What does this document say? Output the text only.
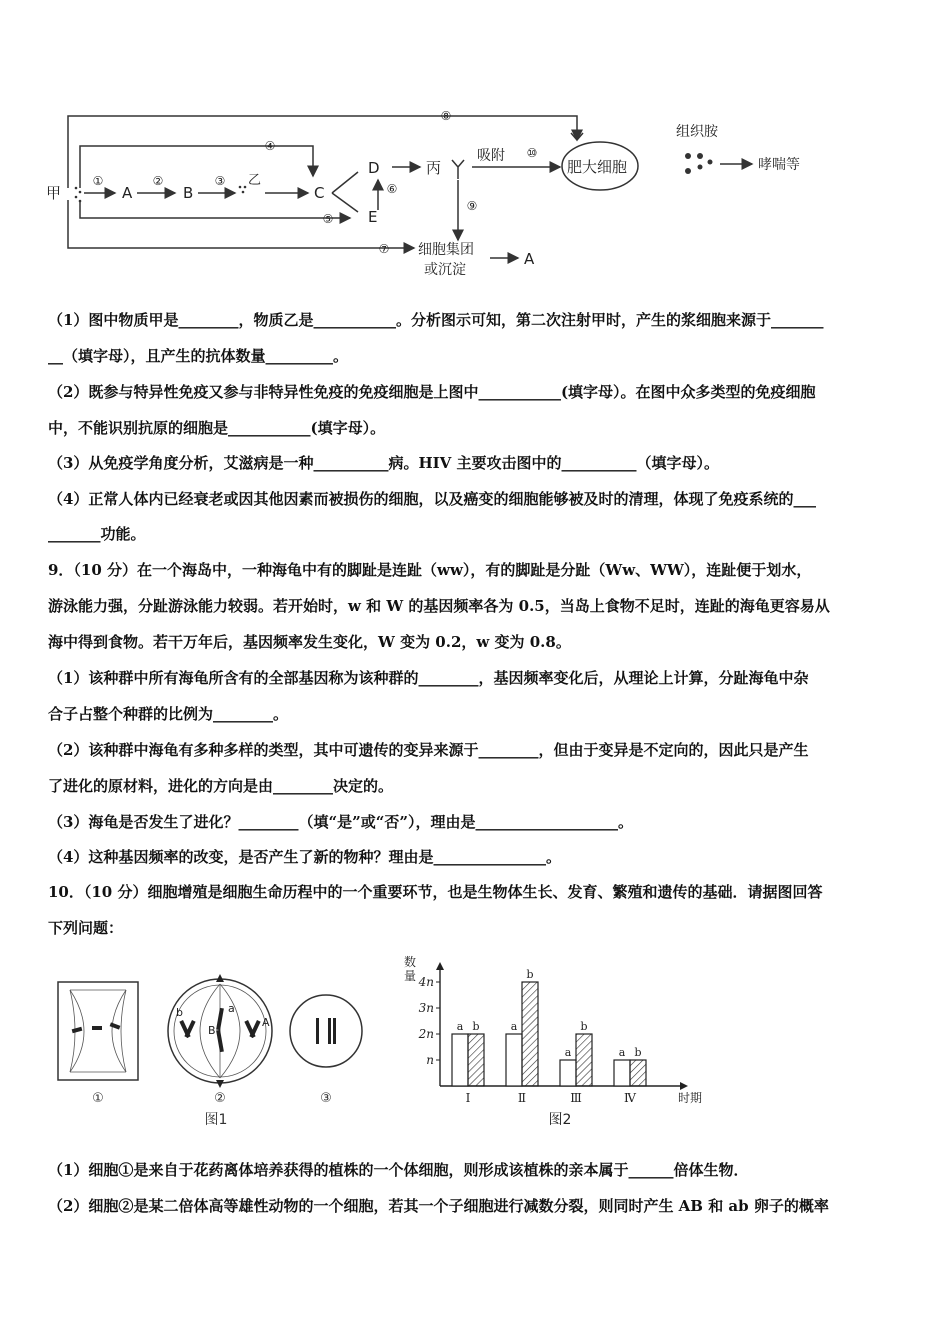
⑧
④
①	②	③
⑤
⑥
⑦
⑨
⑩
甲	A	B
乙
C
D
E
丙
吸附
肥大细胞
组织胺
哮喘等
细胞集团
或沉淀
A
（1）图中物质甲是________，物质乙是___________。分析图示可知，第二次注射甲时，产生的浆细胞来源于_______
__（填字母），且产生的抗体数量_________。
（2）既参与特异性免疫又参与非特异性免疫的免疫细胞是上图中___________(填字母）。在图中众多类型的免疫细胞
中，不能识别抗原的细胞是___________(填字母）。
（3）从免疫学角度分析，艾滋病是一种__________病。HIV 主要攻击图中的__________（填字母）。
（4）正常人体内已经衰老或因其他因素而被损伤的细胞，以及癌变的细胞能够被及时的清理，体现了免疫系统的___
_______功能。
9．（10 分）在一个海岛中，一种海龟中有的脚趾是连趾（ww），有的脚趾是分趾（Ww、WW），连趾便于划水，
游泳能力强，分趾游泳能力较弱。若开始时，w 和 W 的基因频率各为 0.5，当岛上食物不足时，连趾的海龟更容易从
海中得到食物。若干万年后，基因频率发生变化，W 变为 0.2，w 变为 0.8。
（1）该种群中所有海龟所含有的全部基因称为该种群的________，基因频率变化后，从理论上计算，分趾海龟中杂
合子占整个种群的比例为________。
（2）该种群中海龟有多种多样的类型，其中可遗传的变异来源于________，但由于变异是不定向的，因此只是产生
了进化的原材料，进化的方向是由________决定的。
（3）海龟是否发生了进化？________（填“是”或“否”），理由是___________________。
（4）这种基因频率的改变，是否产生了新的物种？理由是_______________。
10．（10 分）细胞增殖是细胞生命历程中的一个重要环节，也是生物体生长、发育、繁殖和遗传的基础．请据图回答
下列问题：
b
B
a
A
①	②	③
图1
数
量
n
2n
3n
4n
a b
Ⅰ
a
b
Ⅱ
a
b
Ⅲ
a b
Ⅳ	时期
图2
（1）细胞①是来自于花药离体培养获得的植株的一个体细胞，则形成该植株的亲本属于______倍体生物．
（2）细胞②是某二倍体高等雄性动物的一个细胞，若其一个子细胞进行减数分裂，则同时产生 AB 和 ab 卵子的概率
